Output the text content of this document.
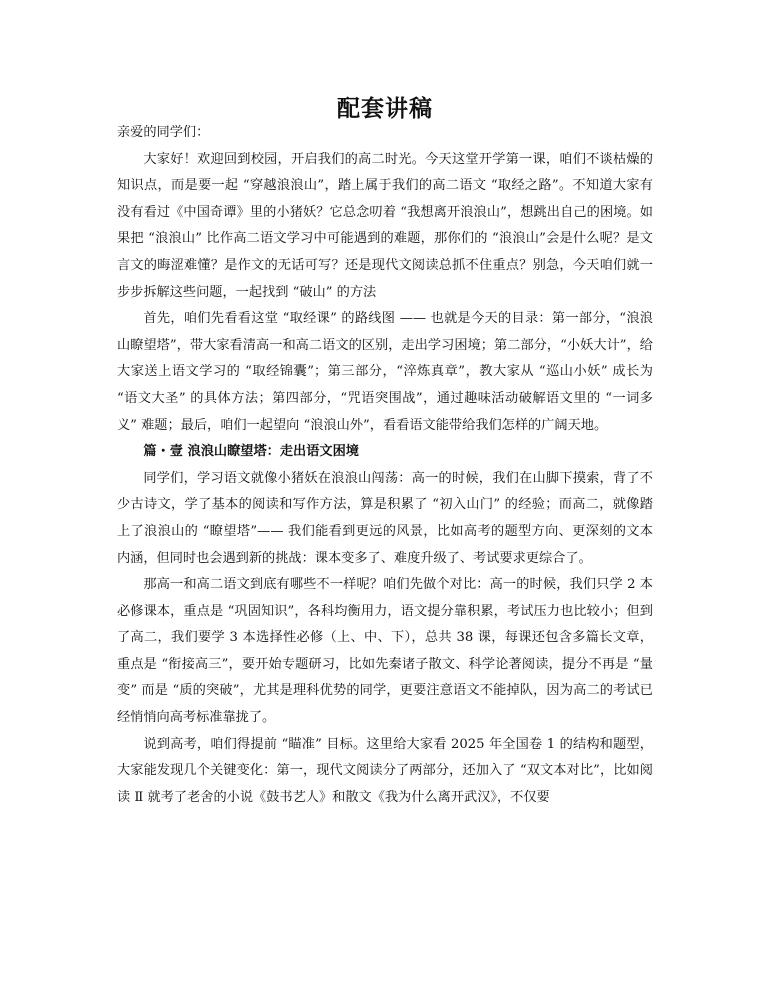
配套讲稿

亲爱的同学们：

大家好！欢迎回到校园，开启我们的高二时光。今天这堂开学第一课，咱们不谈枯燥的知识点，而是要一起 “穿越浪浪山”，踏上属于我们的高二语文 “取经之路”。不知道大家有没有看过《中国奇谭》里的小猪妖？它总念叨着 “我想离开浪浪山”，想跳出自己的困境。如果把 “浪浪山” 比作高二语文学习中可能遇到的难题，那你们的 “浪浪山”会是什么呢？是文言文的晦涩难懂？是作文的无话可写？还是现代文阅读总抓不住重点？别急，今天咱们就一步步拆解这些问题，一起找到 “破山” 的方法

首先，咱们先看看这堂 “取经课” 的路线图 —— 也就是今天的目录：第一部分，“浪浪山瞭望塔”，带大家看清高一和高二语文的区别，走出学习困境；第二部分，“小妖大计”，给大家送上语文学习的 “取经锦囊”；第三部分，“淬炼真章”，教大家从 “巡山小妖” 成长为 “语文大圣” 的具体方法；第四部分，“咒语突围战”，通过趣味活动破解语文里的 “一词多义” 难题；最后，咱们一起望向 “浪浪山外”，看看语文能带给我们怎样的广阔天地。

篇・壹 浪浪山瞭望塔：走出语文困境

同学们，学习语文就像小猪妖在浪浪山闯荡：高一的时候，我们在山脚下摸索，背了不少古诗文，学了基本的阅读和写作方法，算是积累了 “初入山门” 的经验；而高二，就像踏上了浪浪山的 “瞭望塔”—— 我们能看到更远的风景，比如高考的题型方向、更深刻的文本内涵，但同时也会遇到新的挑战：课本变多了、难度升级了、考试要求更综合了。

那高一和高二语文到底有哪些不一样呢？咱们先做个对比：高一的时候，我们只学 2 本必修课本，重点是 “巩固知识”，各科均衡用力，语文提分靠积累，考试压力也比较小；但到了高二，我们要学 3 本选择性必修（上、中、下），总共 38 课，每课还包含多篇长文章，重点是 “衔接高三”，要开始专题研习，比如先秦诸子散文、科学论著阅读，提分不再是 “量变” 而是 “质的突破”，尤其是理科优势的同学，更要注意语文不能掉队，因为高二的考试已经悄悄向高考标准靠拢了。

说到高考，咱们得提前 “瞄准” 目标。这里给大家看 2025 年全国卷 1 的结构和题型，大家能发现几个关键变化：第一，现代文阅读分了两部分，还加入了 “双文本对比”，比如阅读 Ⅱ 就考了老舍的小说《鼓书艺人》和散文《我为什么离开武汉》，不仅要
